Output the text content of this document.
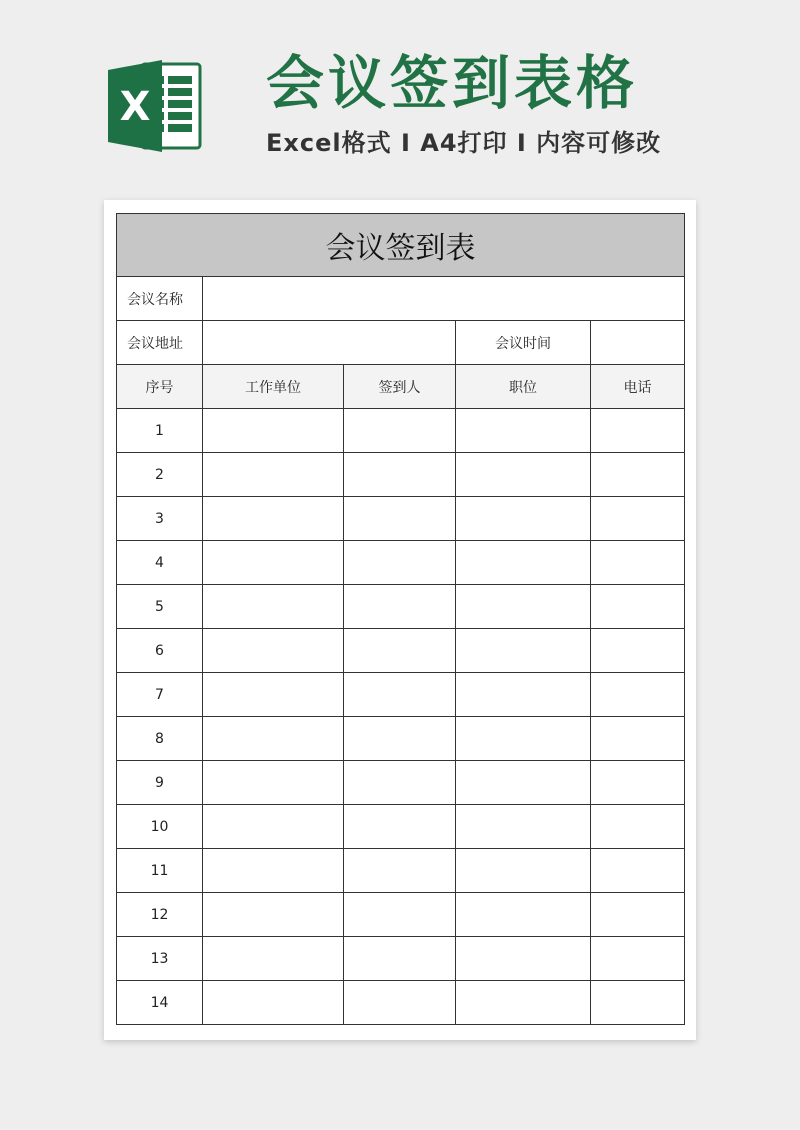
X 会议签到表格
Excel格式 I A4打印 I 内容可修改
会议签到表				
会议名称				
会议地址			会议时间	
序号	工作单位	签到人	职位	电话
1				
2				
3				
4				
5				
6				
7				
8				
9				
10				
11				
12				
13				
14				
